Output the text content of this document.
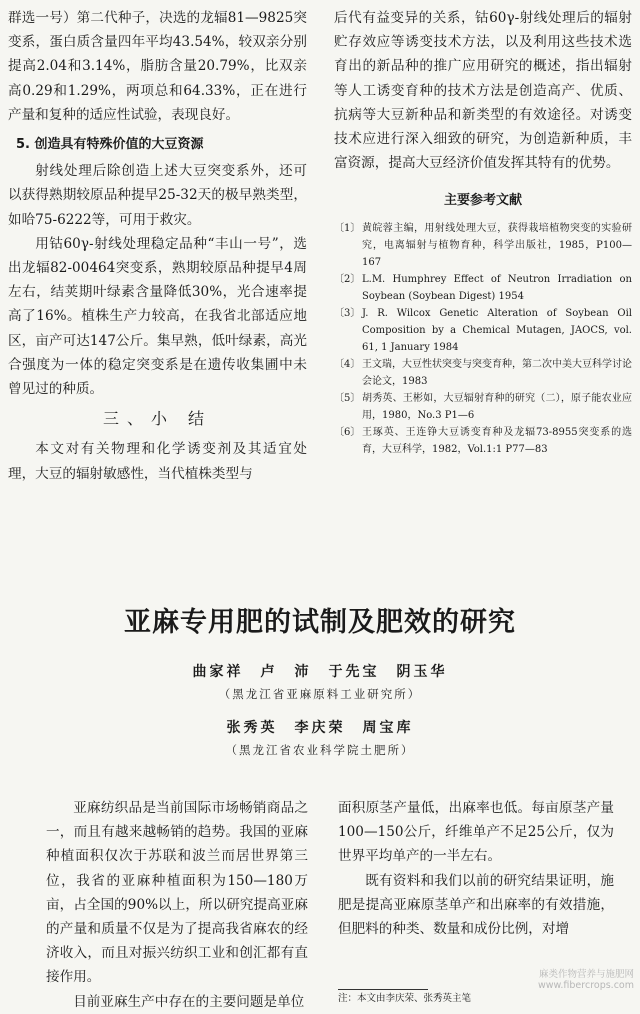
群选一号）第二代种子，决选的龙辐81—9825突变系，蛋白质含量四年平均43.54%，较双亲分别提高2.04和3.14%，脂肪含量20.79%，比双亲高0.29和1.29%，两项总和64.33%，正在进行产量和复种的适应性试验，表现良好。

5. 创造具有特殊价值的大豆资源

射线处理后除创造上述大豆突变系外，还可以获得熟期较原品种提早25-32天的极早熟类型，如哈75-6222等，可用于救灾。

用钴60γ-射线处理稳定品种“丰山一号”，选出龙辐82-00464突变系，熟期较原品种提早4周左右，结荚期叶绿素含量降低30%，光合速率提高了16%。植株生产力较高，在我省北部适应地区，亩产可达147公斤。集早熟，低叶绿素，高光合强度为一体的稳定突变系是在遗传收集圃中未曾见过的种质。

三、小 结

本文对有关物理和化学诱变剂及其适宜处理，大豆的辐射敏感性，当代植株类型与

后代有益变异的关系，钴60γ-射线处理后的辐射贮存效应等诱变技术方法，以及利用这些技术选育出的新品种的推广应用研究的概述，指出辐射等人工诱变育种的技术方法是创造高产、优质、抗病等大豆新种品和新类型的有效途径。对诱变技术应进行深入细致的研究，为创造新种质，丰富资源，提高大豆经济价值发挥其特有的优势。

主要参考文献

〔1〕 黄皖蓉主编，用射线处理大豆，获得栽培植物突变的实验研究，电离辐射与植物育种，科学出版社，1985，P100—167
〔2〕 L.M. Humphrey Effect of Neutron Irradiation on Soybean (Soybean Digest) 1954
〔3〕 J. R. Wilcox Genetic Alteration of Soybean Oil Composition by a Chemical Mutagen, JAOCS, vol. 61, 1 January 1984
〔4〕 王文瑞，大豆性状突变与突变育种，第二次中美大豆科学讨论会论文，1983
〔5〕 胡秀英、王彬如，大豆辐射育种的研究（二），原子能农业应用，1980，No.3 P1—6
〔6〕 王琢英、王连铮大豆诱变育种及龙辐73-8955突变系的选育，大豆科学，1982，Vol.1:1 P77—83
亚麻专用肥的试制及肥效的研究
曲家祥　卢　沛　于先宝　阴玉华
（黑龙江省亚麻原料工业研究所）
张秀英　李庆荣　周宝库
（黑龙江省农业科学院土肥所）

亚麻纺织品是当前国际市场畅销商品之一，而且有越来越畅销的趋势。我国的亚麻种植面积仅次于苏联和波兰而居世界第三位，我省的亚麻种植面积为150—180万亩，占全国的90%以上，所以研究提高亚麻的产量和质量不仅是为了提高我省麻农的经济收入，而且对振兴纺织工业和创汇都有直接作用。

目前亚麻生产中存在的主要问题是单位

面积原茎产量低，出麻率也低。每亩原茎产量100—150公斤，纤维单产不足25公斤，仅为世界平均单产的一半左右。

既有资料和我们以前的研究结果证明，施肥是提高亚麻原茎单产和出麻率的有效措施，但肥料的种类、数量和成份比例，对增

注：本文由李庆荣、张秀英主笔
麻类作物营养与施肥网
www.fibercrops.com
